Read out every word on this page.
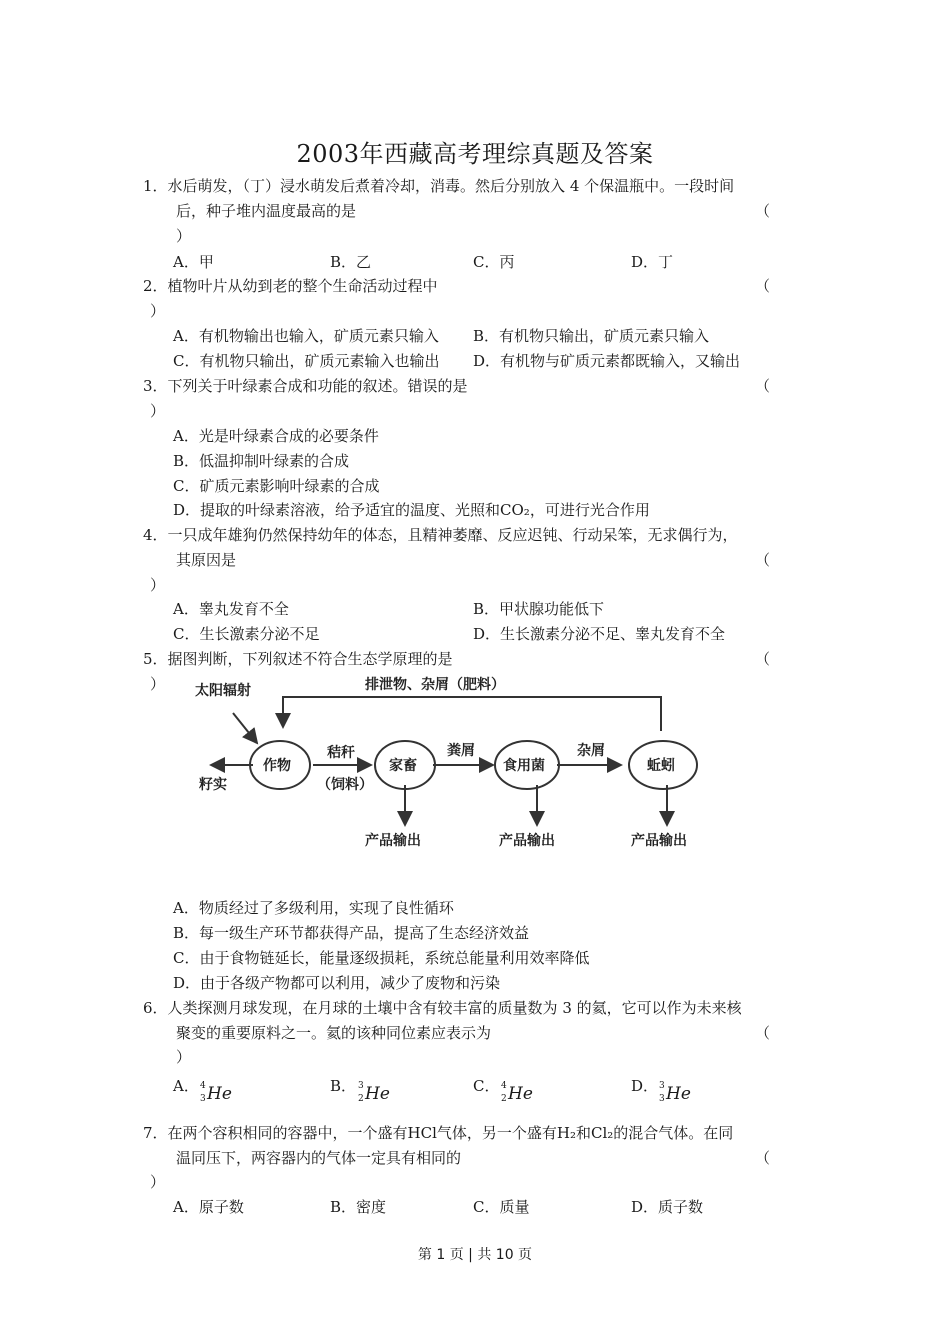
2003年西藏高考理综真题及答案
1．水后萌发，（丁）浸水萌发后煮着冷却，消毒。然后分别放入 4 个保温瓶中。一段时间
后，种子堆内温度最高的是	（
）
A．甲	B．乙	C．丙	D．丁
2．植物叶片从幼到老的整个生命活动过程中	（
）
A．有机物输出也输入，矿质元素只输入 B．有机物只输出，矿质元素只输入
C．有机物只输出，矿质元素输入也输出 D．有机物与矿质元素都既输入，又输出
3．下列关于叶绿素合成和功能的叙述。错误的是	（
）
A．光是叶绿素合成的必要条件
B．低温抑制叶绿素的合成
C．矿质元素影响叶绿素的合成
D．提取的叶绿素溶液，给予适宜的温度、光照和CO₂，可进行光合作用
4．一只成年雄狗仍然保持幼年的体态，且精神萎靡、反应迟钝、行动呆笨，无求偶行为，
其原因是	（
）
A．睾丸发育不全	B．甲状腺功能低下
C．生长激素分泌不足	D．生长激素分泌不足、睾丸发育不全
5．据图判断，下列叙述不符合生态学原理的是	（
） 太阳辐射	排泄物、杂屑（肥料）
作物	家畜	食用菌	蚯蚓
秸秆
（饲料）
粪屑	杂屑
籽实
产品输出	产品输出	产品输出
A．物质经过了多级利用，实现了良性循环
B．每一级生产环节都获得产品，提高了生态经济效益
C．由于食物链延长，能量逐级损耗，系统总能量利用效率降低
D．由于各级产物都可以利用，减少了废物和污染
6．人类探测月球发现，在月球的土壤中含有较丰富的质量数为 3 的氦，它可以作为未来核
聚变的重要原料之一。氦的该种同位素应表示为	（
）
A． 4
3 He	B． 3
2 He	C． 4
2 He	D． 3
3 He
7．在两个容积相同的容器中，一个盛有HCl气体，另一个盛有H₂和Cl₂的混合气体。在同
温同压下，两容器内的气体一定具有相同的	（
）
A．原子数	B．密度	C．质量	D．质子数
第 1 页 | 共 10 页
